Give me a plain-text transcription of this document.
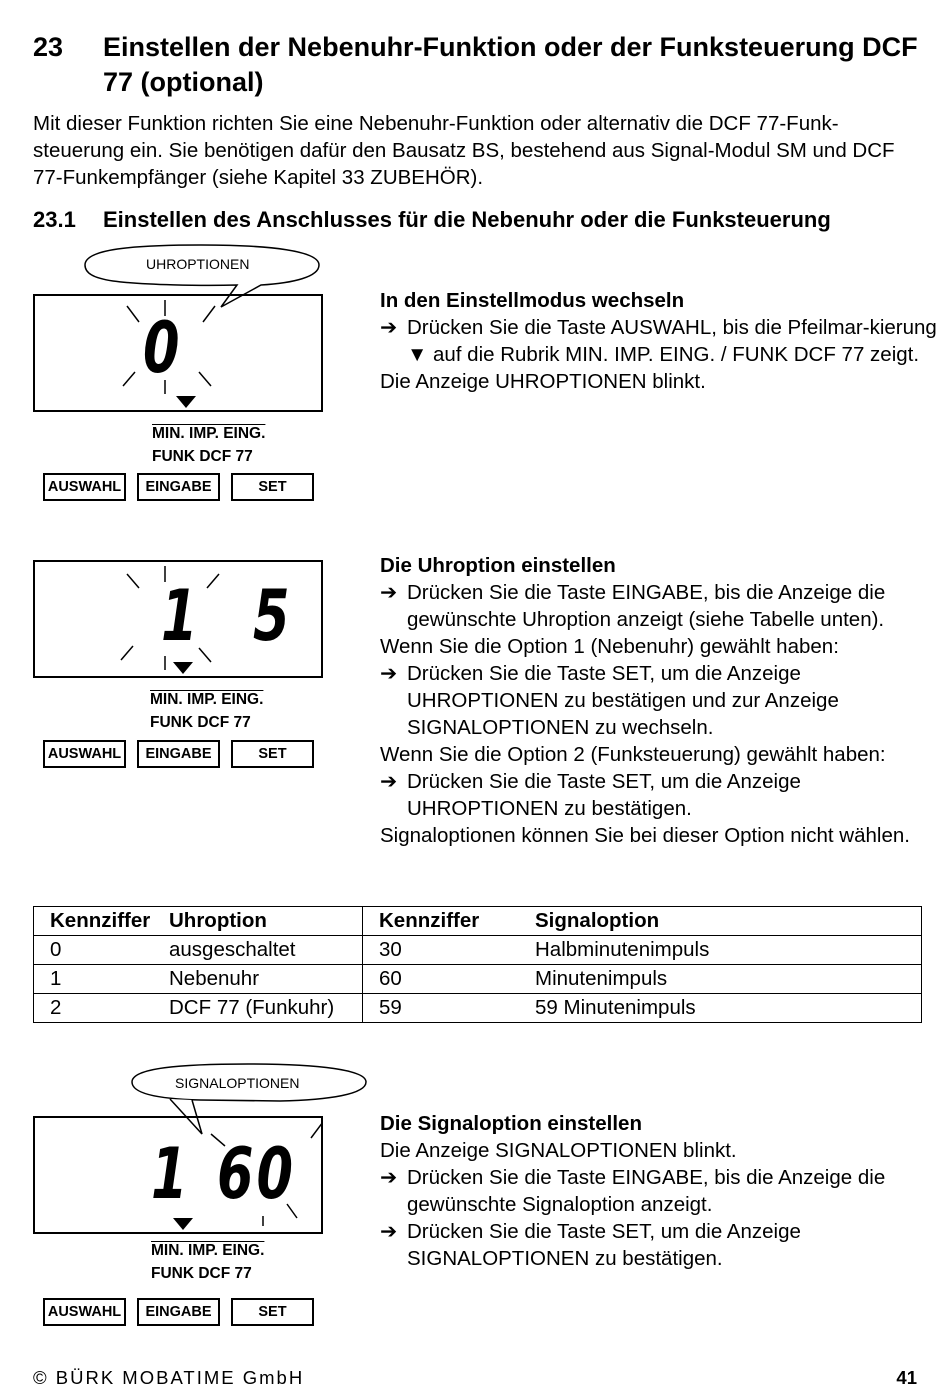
23 Einstellen der Nebenuhr-Funktion oder der Funksteuerung DCF 77 (optional)
Mit dieser Funktion richten Sie eine Nebenuhr-Funktion oder alternativ die DCF 77-Funk-steuerung ein. Sie benötigen dafür den Bausatz BS, bestehend aus Signal-Modul SM und DCF 77-Funkempfänger (siehe Kapitel 33 ZUBEHÖR).
23.1 Einstellen des Anschlusses für die Nebenuhr oder die Funksteuerung
UHROPTIONEN
0
MIN. IMP. EING.
FUNK DCF 77
AUSWAHL	EINGABE	SET
In den Einstellmodus wechseln
➔ Drücken Sie die Taste AUSWAHL, bis die Pfeilmar-kierung ▼ auf die Rubrik MIN. IMP. EING. / FUNK DCF 77 zeigt.
Die Anzeige UHROPTIONEN blinkt.
1 5
MIN. IMP. EING.
FUNK DCF 77
AUSWAHL	EINGABE	SET
Die Uhroption einstellen
➔ Drücken Sie die Taste EINGABE, bis die Anzeige die gewünschte Uhroption anzeigt (siehe Tabelle unten).
Wenn Sie die Option 1 (Nebenuhr) gewählt haben:
➔ Drücken Sie die Taste SET, um die Anzeige UHROPTIONEN zu bestätigen und zur Anzeige SIGNALOPTIONEN zu wechseln.
Wenn Sie die Option 2 (Funksteuerung) gewählt haben:
➔ Drücken Sie die Taste SET, um die Anzeige UHROPTIONEN zu bestätigen.
Signaloptionen können Sie bei dieser Option nicht wählen.
Kennziffer	Uhroption	Kennziffer	Signaloption
0	ausgeschaltet	30	Halbminutenimpuls
1	Nebenuhr	60	Minutenimpuls
2	DCF 77 (Funkuhr)	59	59 Minutenimpuls
SIGNALOPTIONEN
1 60
MIN. IMP. EING.
FUNK DCF 77
AUSWAHL	EINGABE	SET
Die Signaloption einstellen
Die Anzeige SIGNALOPTIONEN blinkt.
➔ Drücken Sie die Taste EINGABE, bis die Anzeige die gewünschte Signaloption anzeigt.
➔ Drücken Sie die Taste SET, um die Anzeige SIGNALOPTIONEN zu bestätigen.
© BÜRK MOBATIME GmbH	41
